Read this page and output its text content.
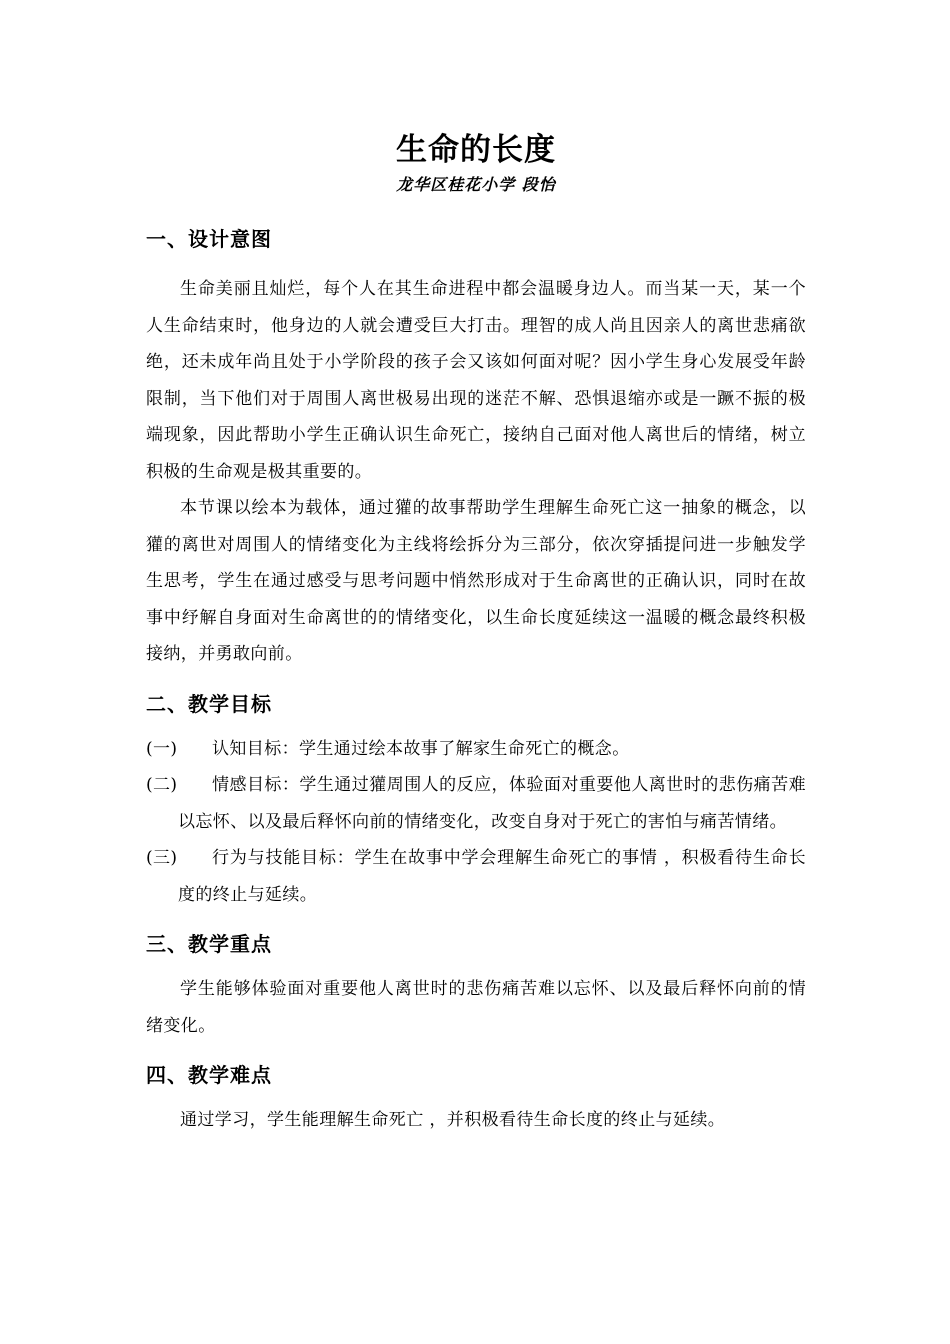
生命的长度

龙华区桂花小学 段怡

一、设计意图

生命美丽且灿烂，每个人在其生命进程中都会温暖身边人。而当某一天，某一个人生命结束时，他身边的人就会遭受巨大打击。理智的成人尚且因亲人的离世悲痛欲绝，还未成年尚且处于小学阶段的孩子会又该如何面对呢？因小学生身心发展受年龄限制，当下他们对于周围人离世极易出现的迷茫不解、恐惧退缩亦或是一蹶不振的极端现象，因此帮助小学生正确认识生命死亡，接纳自己面对他人离世后的情绪，树立积极的生命观是极其重要的。

本节课以绘本为载体，通过獾的故事帮助学生理解生命死亡这一抽象的概念，以獾的离世对周围人的情绪变化为主线将绘拆分为三部分，依次穿插提问进一步触发学生思考，学生在通过感受与思考问题中悄然形成对于生命离世的正确认识，同时在故事中纾解自身面对生命离世的的情绪变化，以生命长度延续这一温暖的概念最终积极接纳，并勇敢向前。

二、教学目标
(一)	认知目标：学生通过绘本故事了解家生命死亡的概念。
(二)	情感目标：学生通过獾周围人的反应，体验面对重要他人离世时的悲伤痛苦难以忘怀、以及最后释怀向前的情绪变化，改变自身对于死亡的害怕与痛苦情绪。
(三)	行为与技能目标：学生在故事中学会理解生命死亡的事情 ，积极看待生命长度的终止与延续。
三、教学重点

学生能够体验面对重要他人离世时的悲伤痛苦难以忘怀、以及最后释怀向前的情绪变化。

四、教学难点

通过学习，学生能理解生命死亡 ，并积极看待生命长度的终止与延续。
